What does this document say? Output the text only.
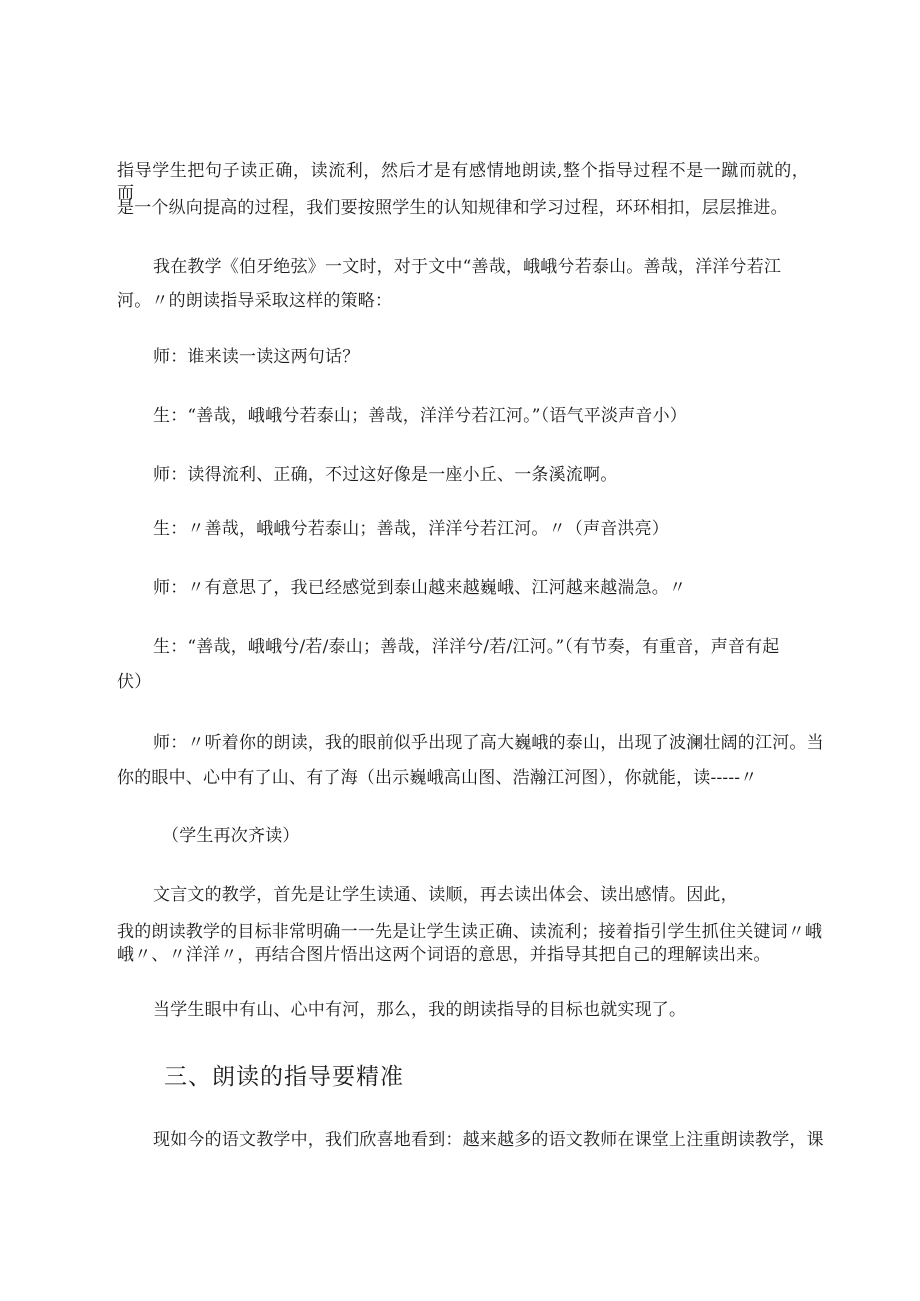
指导学生把句子读正确，读流利，然后才是有感情地朗读,整个指导过程不是一蹴而就的，而
是一个纵向提高的过程，我们要按照学生的认知规律和学习过程，环环相扣，层层推进。
我在教学《伯牙绝弦》一文时，对于文中“善哉，峨峨兮若泰山。善哉，洋洋兮若江
河。〃的朗读指导采取这样的策略：
师：谁来读一读这两句话？
生：“善哉，峨峨兮若泰山；善哉，洋洋兮若江河。”（语气平淡声音小）
师：读得流利、正确，不过这好像是一座小丘、一条溪流啊。
生：〃善哉，峨峨兮若泰山；善哉，洋洋兮若江河。〃（声音洪亮）
师：〃有意思了，我已经感觉到泰山越来越巍峨、江河越来越湍急。〃
生：“善哉，峨峨兮/若/泰山；善哉，洋洋兮/若/江河。”（有节奏，有重音，声音有起
伏）
师：〃听着你的朗读，我的眼前似乎出现了高大巍峨的泰山，出现了波澜壮阔的江河。当
你的眼中、心中有了山、有了海（出示巍峨高山图、浩瀚江河图），你就能，读-----〃
（学生再次齐读）
文言文的教学，首先是让学生读通、读顺，再去读出体会、读出感情。因此，
我的朗读教学的目标非常明确一一先是让学生读正确、读流利；接着指引学生抓住关键词〃峨
峨〃、〃洋洋〃，再结合图片悟出这两个词语的意思，并指导其把自己的理解读出来。
当学生眼中有山、心中有河，那么，我的朗读指导的目标也就实现了。
三、朗读的指导要精准
现如今的语文教学中，我们欣喜地看到：越来越多的语文教师在课堂上注重朗读教学，课
